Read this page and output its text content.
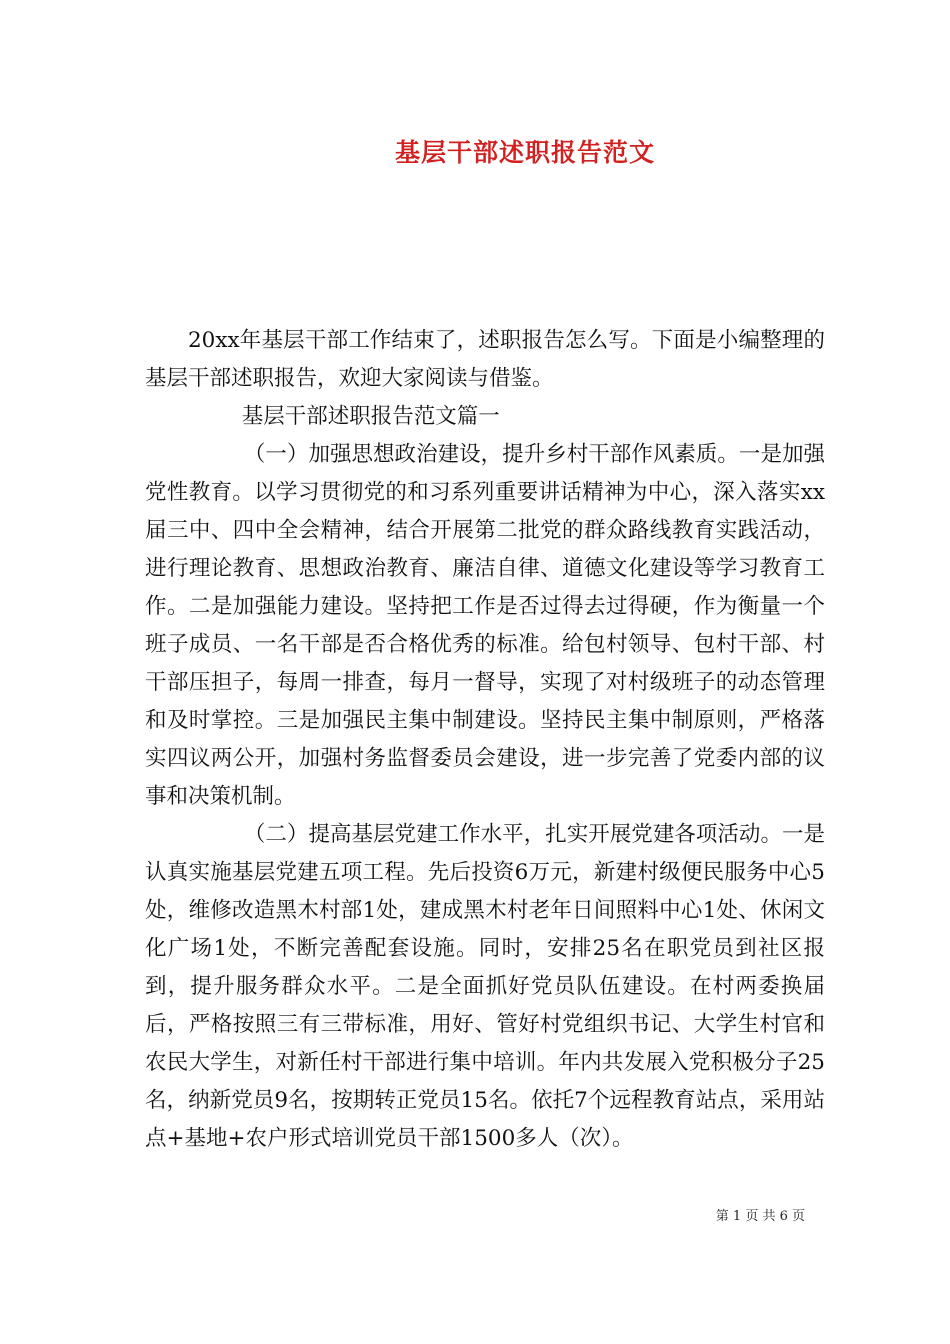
基层干部述职报告范文

20xx年基层干部工作结束了，述职报告怎么写。下面是小编整理的基层干部述职报告，欢迎大家阅读与借鉴。

基层干部述职报告范文篇一

（一）加强思想政治建设，提升乡村干部作风素质。一是加强党性教育。以学习贯彻党的和习系列重要讲话精神为中心，深入落实xx届三中、四中全会精神，结合开展第二批党的群众路线教育实践活动，进行理论教育、思想政治教育、廉洁自律、道德文化建设等学习教育工作。二是加强能力建设。坚持把工作是否过得去过得硬，作为衡量一个班子成员、一名干部是否合格优秀的标准。给包村领导、包村干部、村干部压担子，每周一排查，每月一督导，实现了对村级班子的动态管理和及时掌控。三是加强民主集中制建设。坚持民主集中制原则，严格落实四议两公开，加强村务监督委员会建设，进一步完善了党委内部的议事和决策机制。

（二）提高基层党建工作水平，扎实开展党建各项活动。一是认真实施基层党建五项工程。先后投资6万元，新建村级便民服务中心5处，维修改造黑木村部1处，建成黑木村老年日间照料中心1处、休闲文化广场1处，不断完善配套设施。同时，安排25名在职党员到社区报到，提升服务群众水平。二是全面抓好党员队伍建设。在村两委换届后，严格按照三有三带标准，用好、管好村党组织书记、大学生村官和农民大学生，对新任村干部进行集中培训。年内共发展入党积极分子25名，纳新党员9名，按期转正党员15名。依托7个远程教育站点，采用站点+基地+农户形式培训党员干部1500多人（次）。

第 1 页 共 6 页
